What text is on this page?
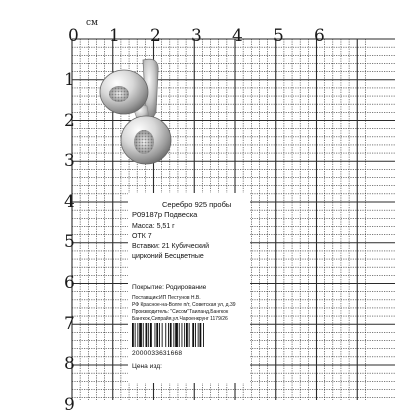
см
0 1 2 3 4 5 6
1
2
3
4
5
6
7
8
9
Серебро 925 пробы
Р09187р Подвеска
Масса: 5,51 г
ОТК 7
Вставки: 21 Кубический
цирконий Бесцветные
Покрытие: Родирование
Поставщик:ИП Пестунов Н.В.
РФ Красное-на-Волге п/т, Советская ул, д.39
Производитель: "Сисом"Таиланд,Бангкок
Бангкок,Сипрайя,ул.Чароенкрунг 1179/26
2000033631668
Цена изд:
